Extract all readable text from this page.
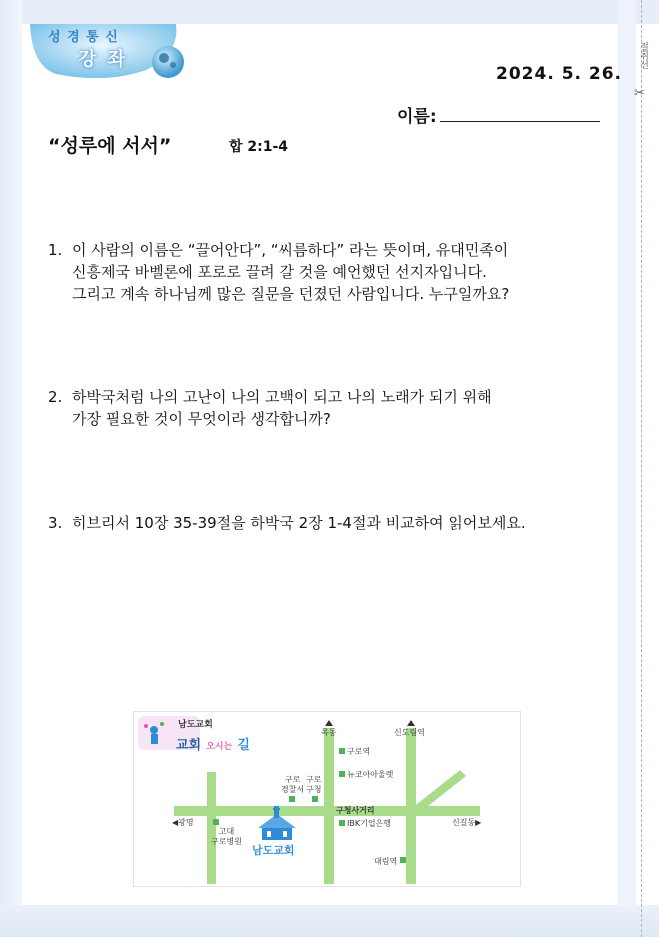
절취선
✂
성 경 통 신
강 좌
2024. 5. 26.
이름:
“성루에 서서”	합 2:1-4
1. 이 사람의 이름은 “끌어안다”, “씨름하다” 라는 뜻이며, 유대민족이
신흥제국 바벨론에 포로로 끌려 갈 것을 예언했던 선지자입니다.
그리고 계속 하나님께 많은 질문을 던졌던 사람입니다. 누구일까요?
2. 하박국처럼 나의 고난이 나의 고백이 되고 나의 노래가 되기 위해
가장 필요한 것이 무엇이라 생각합니까?
3. 히브리서 10장 35-39절을 하박국 2장 1-4절과 비교하여 읽어보세요.
남도교회
교회 오시는 길
목동	신도림역
구로역
뉴코아아울렛
구로
경찰서
구로
구청
구청사거리
◀광명	신길동▶
IBK기업은행
고대
구로병원
남도교회
대림역
